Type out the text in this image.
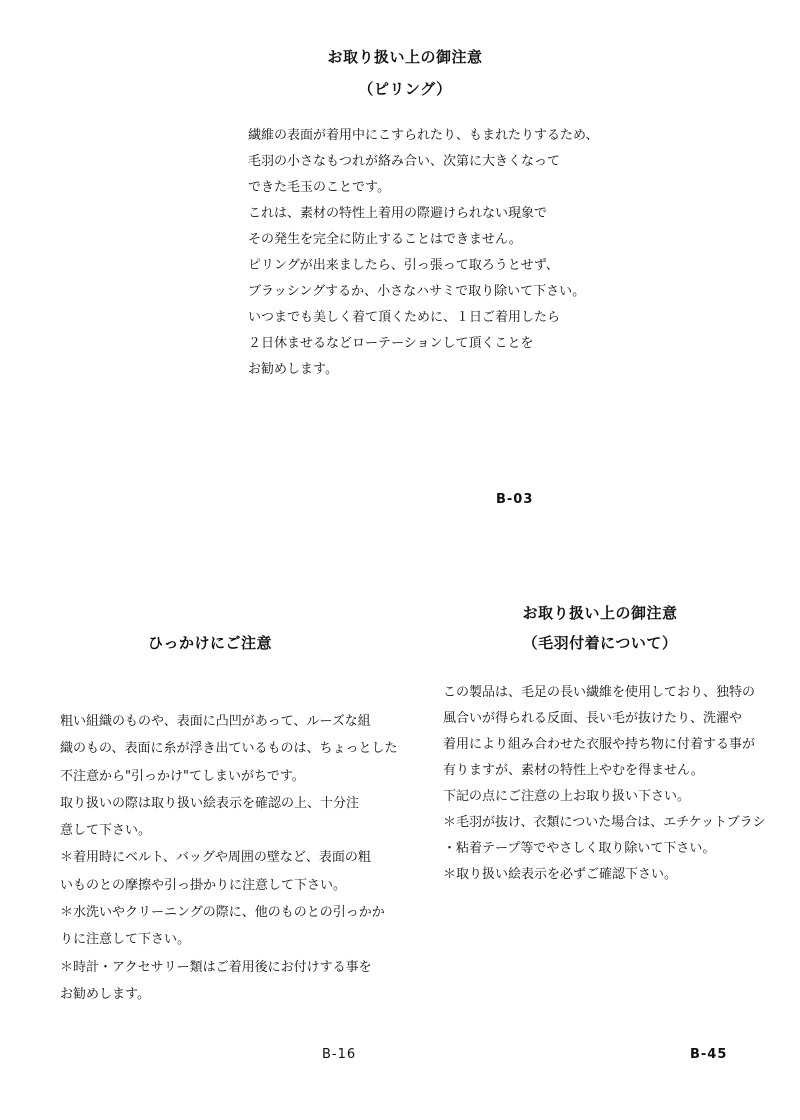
お取り扱い上の御注意
（ピリング）
繊維の表面が着用中にこすられたり、もまれたりするため、
毛羽の小さなもつれが絡み合い、次第に大きくなって
できた毛玉のことです。
これは、素材の特性上着用の際避けられない現象で
その発生を完全に防止することはできません。
ピリングが出来ましたら、引っ張って取ろうとせず、
ブラッシングするか、小さなハサミで取り除いて下さい。
いつまでも美しく着て頂くために、１日ご着用したら
２日休ませるなどローテーションして頂くことを
お勧めします。
B-03
ひっかけにご注意
粗い組織のものや、表面に凸凹があって、ルーズな組
織のもの、表面に糸が浮き出ているものは、ちょっとした
不注意から"引っかけ"てしまいがちです。
取り扱いの際は取り扱い絵表示を確認の上、十分注
意して下さい。
＊着用時にベルト、バッグや周囲の壁など、表面の粗
いものとの摩擦や引っ掛かりに注意して下さい。
＊水洗いやクリーニングの際に、他のものとの引っかか
りに注意して下さい。
＊時計・アクセサリー類はご着用後にお付けする事を
お勧めします。
B-16
お取り扱い上の御注意
（毛羽付着について）
この製品は、毛足の長い繊維を使用しており、独特の
風合いが得られる反面、長い毛が抜けたり、洗濯や
着用により組み合わせた衣服や持ち物に付着する事が
有りますが、素材の特性上やむを得ません。
下記の点にご注意の上お取り扱い下さい。
＊毛羽が抜け、衣類についた場合は、エチケットブラシ
・粘着テープ等でやさしく取り除いて下さい。
＊取り扱い絵表示を必ずご確認下さい。
B-45
